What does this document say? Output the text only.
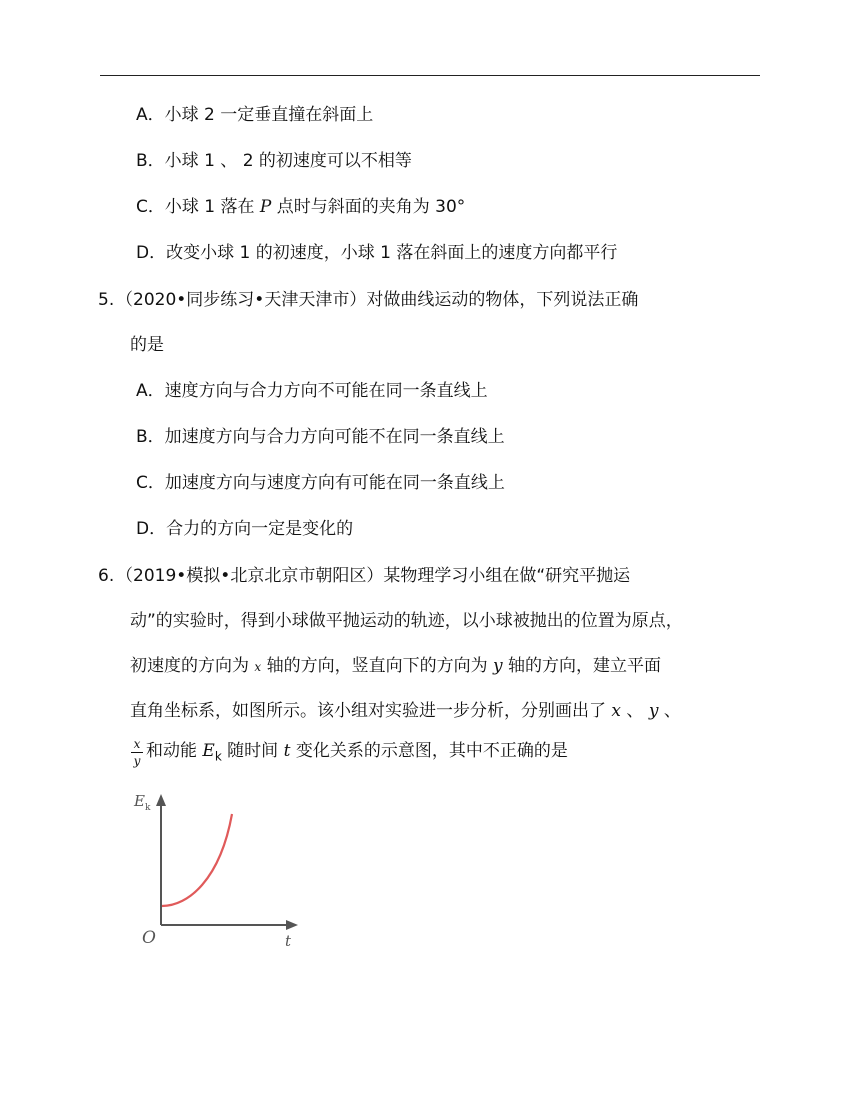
A．小球 2 一定垂直撞在斜面上
B．小球 1 、 2 的初速度可以不相等
C．小球 1 落在 P 点时与斜面的夹角为 30°
D．改变小球 1 的初速度，小球 1 落在斜面上的速度方向都平行
5. （2020•同步练习•天津天津市）对做曲线运动的物体，下列说法正确
的是
A．速度方向与合力方向不可能在同一条直线上
B．加速度方向与合力方向可能不在同一条直线上
C．加速度方向与速度方向有可能在同一条直线上
D．合力的方向一定是变化的
6. （2019•模拟•北京北京市朝阳区）某物理学习小组在做“研究平抛运
动”的实验时，得到小球做平抛运动的轨迹，以小球被抛出的位置为原点，
初速度的方向为 x 轴的方向，竖直向下的方向为 y 轴的方向，建立平面
直角坐标系，如图所示。该小组对实验进一步分析，分别画出了 x 、 y 、
x
y 和动能 $E_k$ 随时间 t 变化关系的示意图，其中不正确的是
E k
O	t
